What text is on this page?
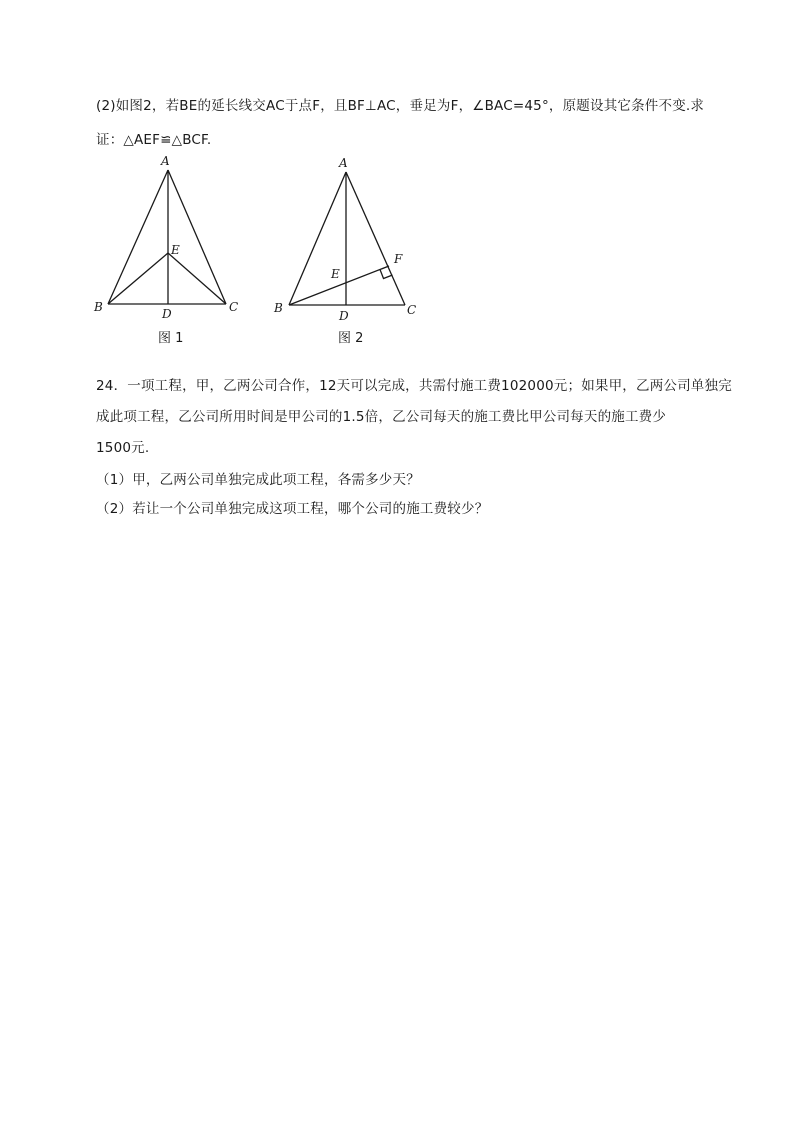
(2)如图2，若BE的延长线交AC于点F，且BF⊥AC，垂足为F，∠BAC=45°，原题设其它条件不变.求
证：△AEF≌△BCF.
A
B	C
D
E
图 1
A
B	C
D
E
F
图 2
24．一项工程，甲，乙两公司合作，12天可以完成，共需付施工费102000元；如果甲，乙两公司单独完
成此项工程，乙公司所用时间是甲公司的1.5倍，乙公司每天的施工费比甲公司每天的施工费少
1500元.
（1）甲，乙两公司单独完成此项工程，各需多少天？
（2）若让一个公司单独完成这项工程，哪个公司的施工费较少？
